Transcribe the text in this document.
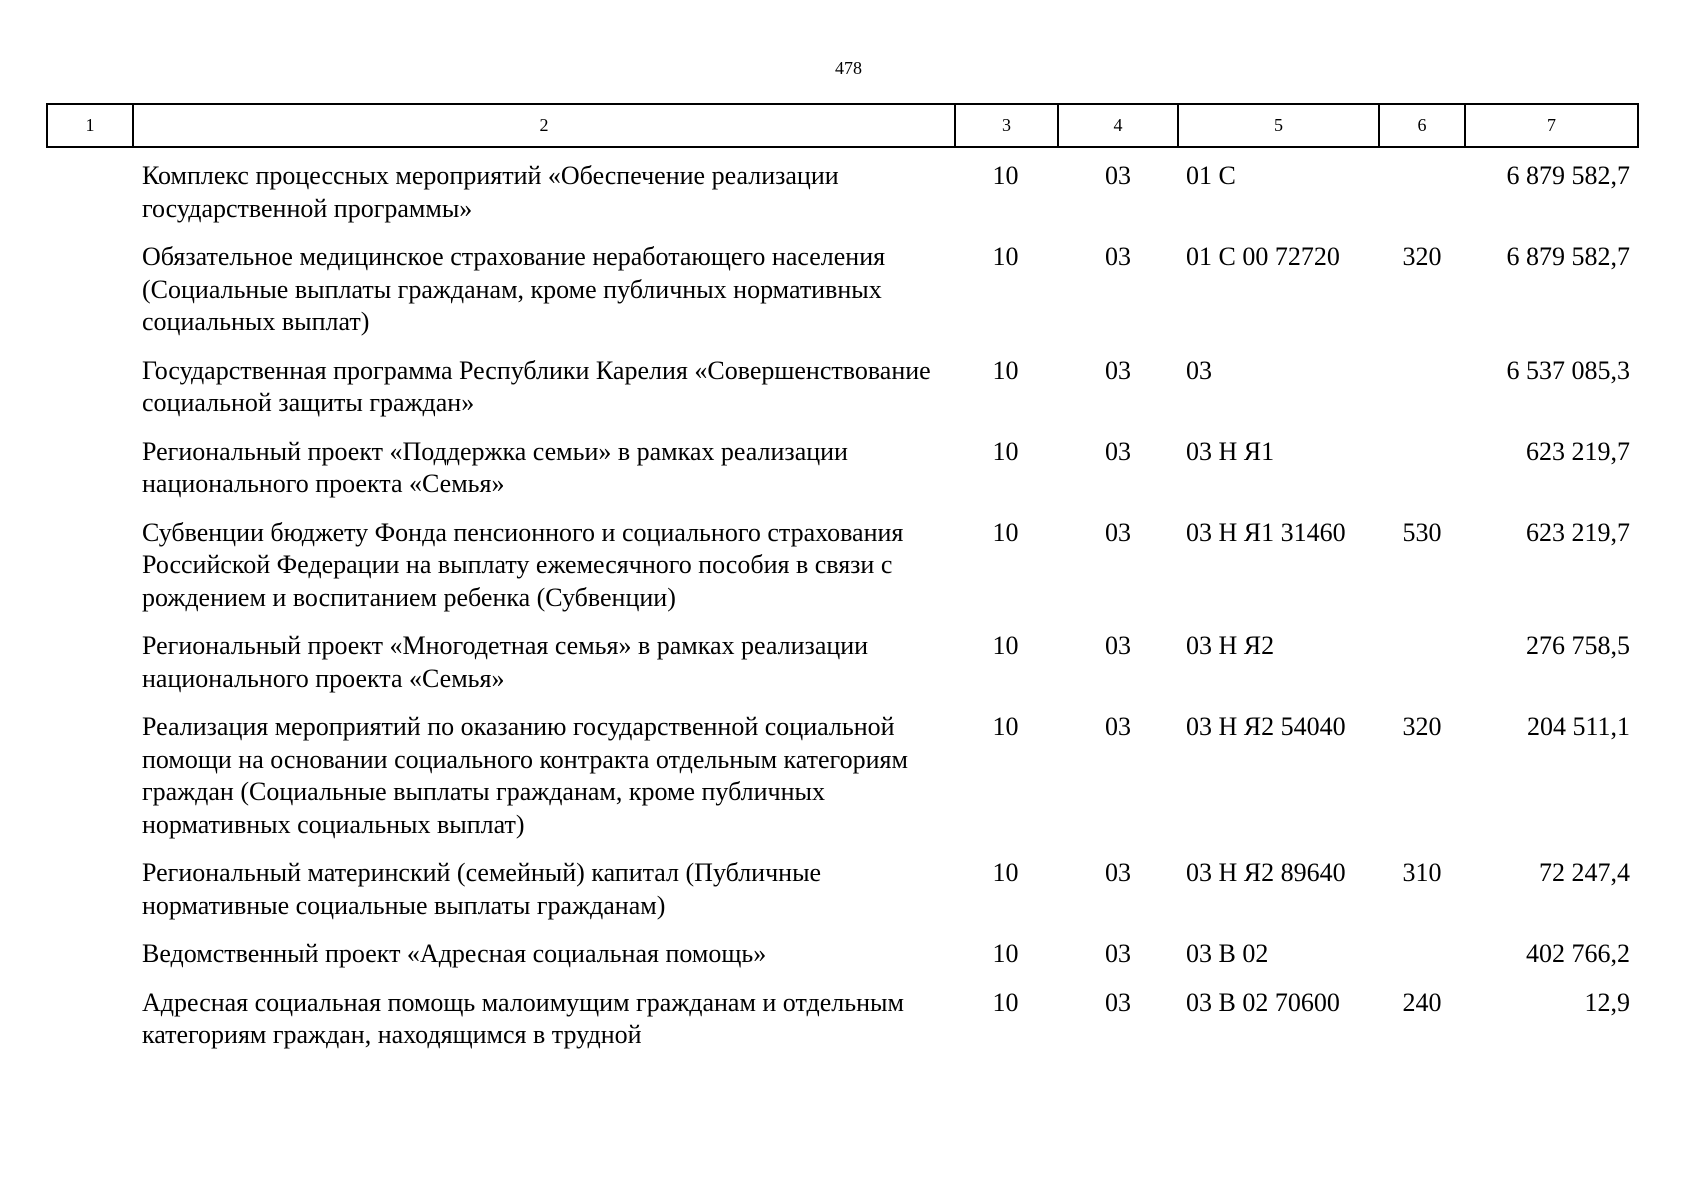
478
1	2	3	4	5	6	7
	Комплекс процессных мероприятий «Обеспечение реализации государственной программы»	10	03	01 С		6 879 582,7
	Обязательное медицинское страхование неработающего населения (Социальные выплаты гражданам, кроме публичных нормативных социальных выплат)	10	03	01 С 00 72720	320	6 879 582,7
	Государственная программа Республики Карелия «Совершенствование социальной защиты граждан»	10	03	03		6 537 085,3
	Региональный проект «Поддержка семьи» в рамках реализации национального проекта «Семья»	10	03	03 Н Я1		623 219,7
	Субвенции бюджету Фонда пенсионного и социального страхования Российской Федерации на выплату ежемесячного пособия в связи с рождением и воспитанием ребенка (Субвенции)	10	03	03 Н Я1 31460	530	623 219,7
	Региональный проект «Многодетная семья» в рамках реализации национального проекта «Семья»	10	03	03 Н Я2		276 758,5
	Реализация мероприятий по оказанию государственной социальной помощи на основании социального контракта отдельным категориям граждан (Социальные выплаты гражданам, кроме публичных нормативных социальных выплат)	10	03	03 Н Я2 54040	320	204 511,1
	Региональный материнский (семейный) капитал (Публичные нормативные социальные выплаты гражданам)	10	03	03 Н Я2 89640	310	72 247,4
	Ведомственный проект «Адресная социальная помощь»	10	03	03 В 02		402 766,2
	Адресная социальная помощь малоимущим гражданам и отдельным категориям граждан, находящимся в трудной	10	03	03 В 02 70600	240	12,9
